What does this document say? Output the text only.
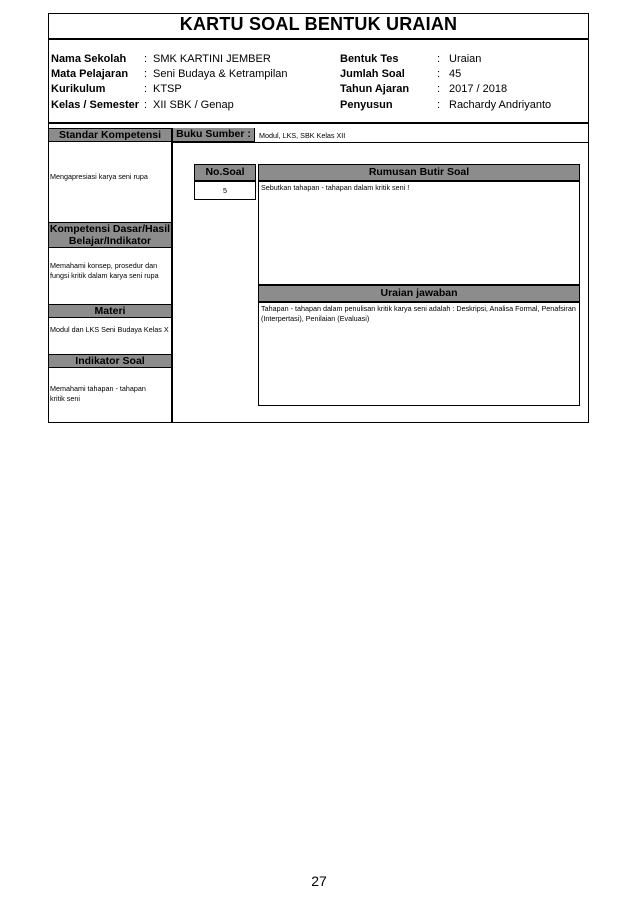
KARTU SOAL BENTUK URAIAN
Nama Sekolah : SMK KARTINI JEMBER
Mata Pelajaran : Seni Budaya & Ketrampilan
Kurikulum	: KTSP
Kelas / Semester : XII SBK / Genap
Bentuk Tes	: Uraian
Jumlah Soal	: 45
Tahun Ajaran	: 2017 / 2018
Penyusun	: Rachardy Andriyanto
Standar Kompetensi
Mengapresiasi karya seni rupa
Kompetensi Dasar/Hasil
Belajar/Indikator
Memahami konsep, prosedur dan fungsi kritik dalam karya seni rupa
Materi
Modul dan LKS Seni Budaya Kelas X
Indikator Soal
Memahami tahapan - tahapan kritik seni
Buku Sumber :	Modul, LKS, SBK Kelas XII
No.Soal
5
Rumusan Butir Soal
Sebutkan tahapan - tahapan dalam kritik seni !
Uraian jawaban
Tahapan - tahapan dalam penulisan kritik karya seni adalah : Deskripsi, Analisa Formal, Penafsiran (Interpertasi), Penilaian (Evaluasi)
27
